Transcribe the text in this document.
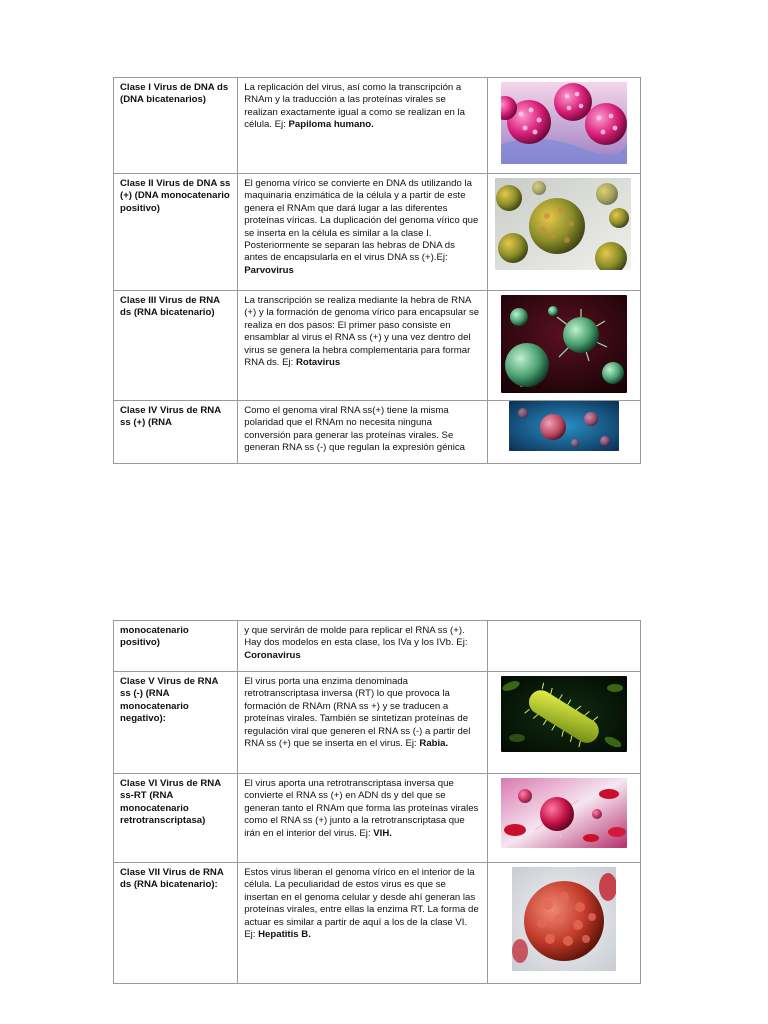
Clase I Virus de DNA ds (DNA bicatenarios)	La replicación del virus, así como la transcripción a RNAm y la traducción a las proteínas virales se realizan exactamente igual a como se realizan en la célula. Ej: Papiloma humano.	

Clase II Virus de DNA ss (+) (DNA monocatenario positivo)	El genoma vírico se convierte en DNA ds utilizando la maquinaria enzimática de la célula y a partir de este genera el RNAm que dará lugar a las diferentes proteínas víricas. La duplicación del genoma vírico que se inserta en la célula es similar a la clase I. Posteriormente se separan las hebras de DNA ds antes de encapsularla en el virus DNA ss (+).Ej: Parvovirus	

Clase III Virus de RNA ds (RNA bicatenario)	La transcripción se realiza mediante la hebra de RNA (+) y la formación de genoma vírico para encapsular se realiza en dos pasos: El primer paso consiste en ensamblar al virus el RNA ss (+) y una vez dentro del virus se genera la hebra complementaria para formar RNA ds. Ej: Rotavirus	

Clase IV Virus de RNA ss (+) (RNA	Como el genoma viral RNA ss(+) tiene la misma polaridad que el RNAm no necesita ninguna conversión para generar las proteínas virales. Se generan RNA ss (-) que regulan la expresión génica	
monocatenario positivo)	y que servirán de molde para replicar el RNA ss (+). Hay dos modelos en esta clase, los IVa y los IVb. Ej: Coronavirus	
Clase V Virus de RNA ss (-) (RNA monocatenario negativo):	El virus porta una enzima denominada retrotranscriptasa inversa (RT) lo que provoca la formación de RNAm (RNA ss +) y se traducen a proteínas virales. También se sintetizan proteínas de regulación viral que generen el RNA ss (-) a partir del RNA ss (+) que se inserta en el virus. Ej: Rabia.	

Clase VI Virus de RNA ss-RT (RNA monocatenario retrotranscriptasa)	El virus aporta una retrotranscriptasa inversa que convierte el RNA ss (+) en ADN ds y del que se generan tanto el RNAm que forma las proteínas virales como el RNA ss (+) junto a la retrotranscriptasa que irán en el interior del virus. Ej: VIH.	

Clase VII Virus de RNA ds (RNA bicatenario):	Estos virus liberan el genoma vírico en el interior de la célula. La peculiaridad de estos virus es que se insertan en el genoma celular y desde ahí generan las proteínas virales, entre ellas la enzima RT. La forma de actuar es similar a partir de aquí a los de la clase VI. Ej: Hepatitis B.	
